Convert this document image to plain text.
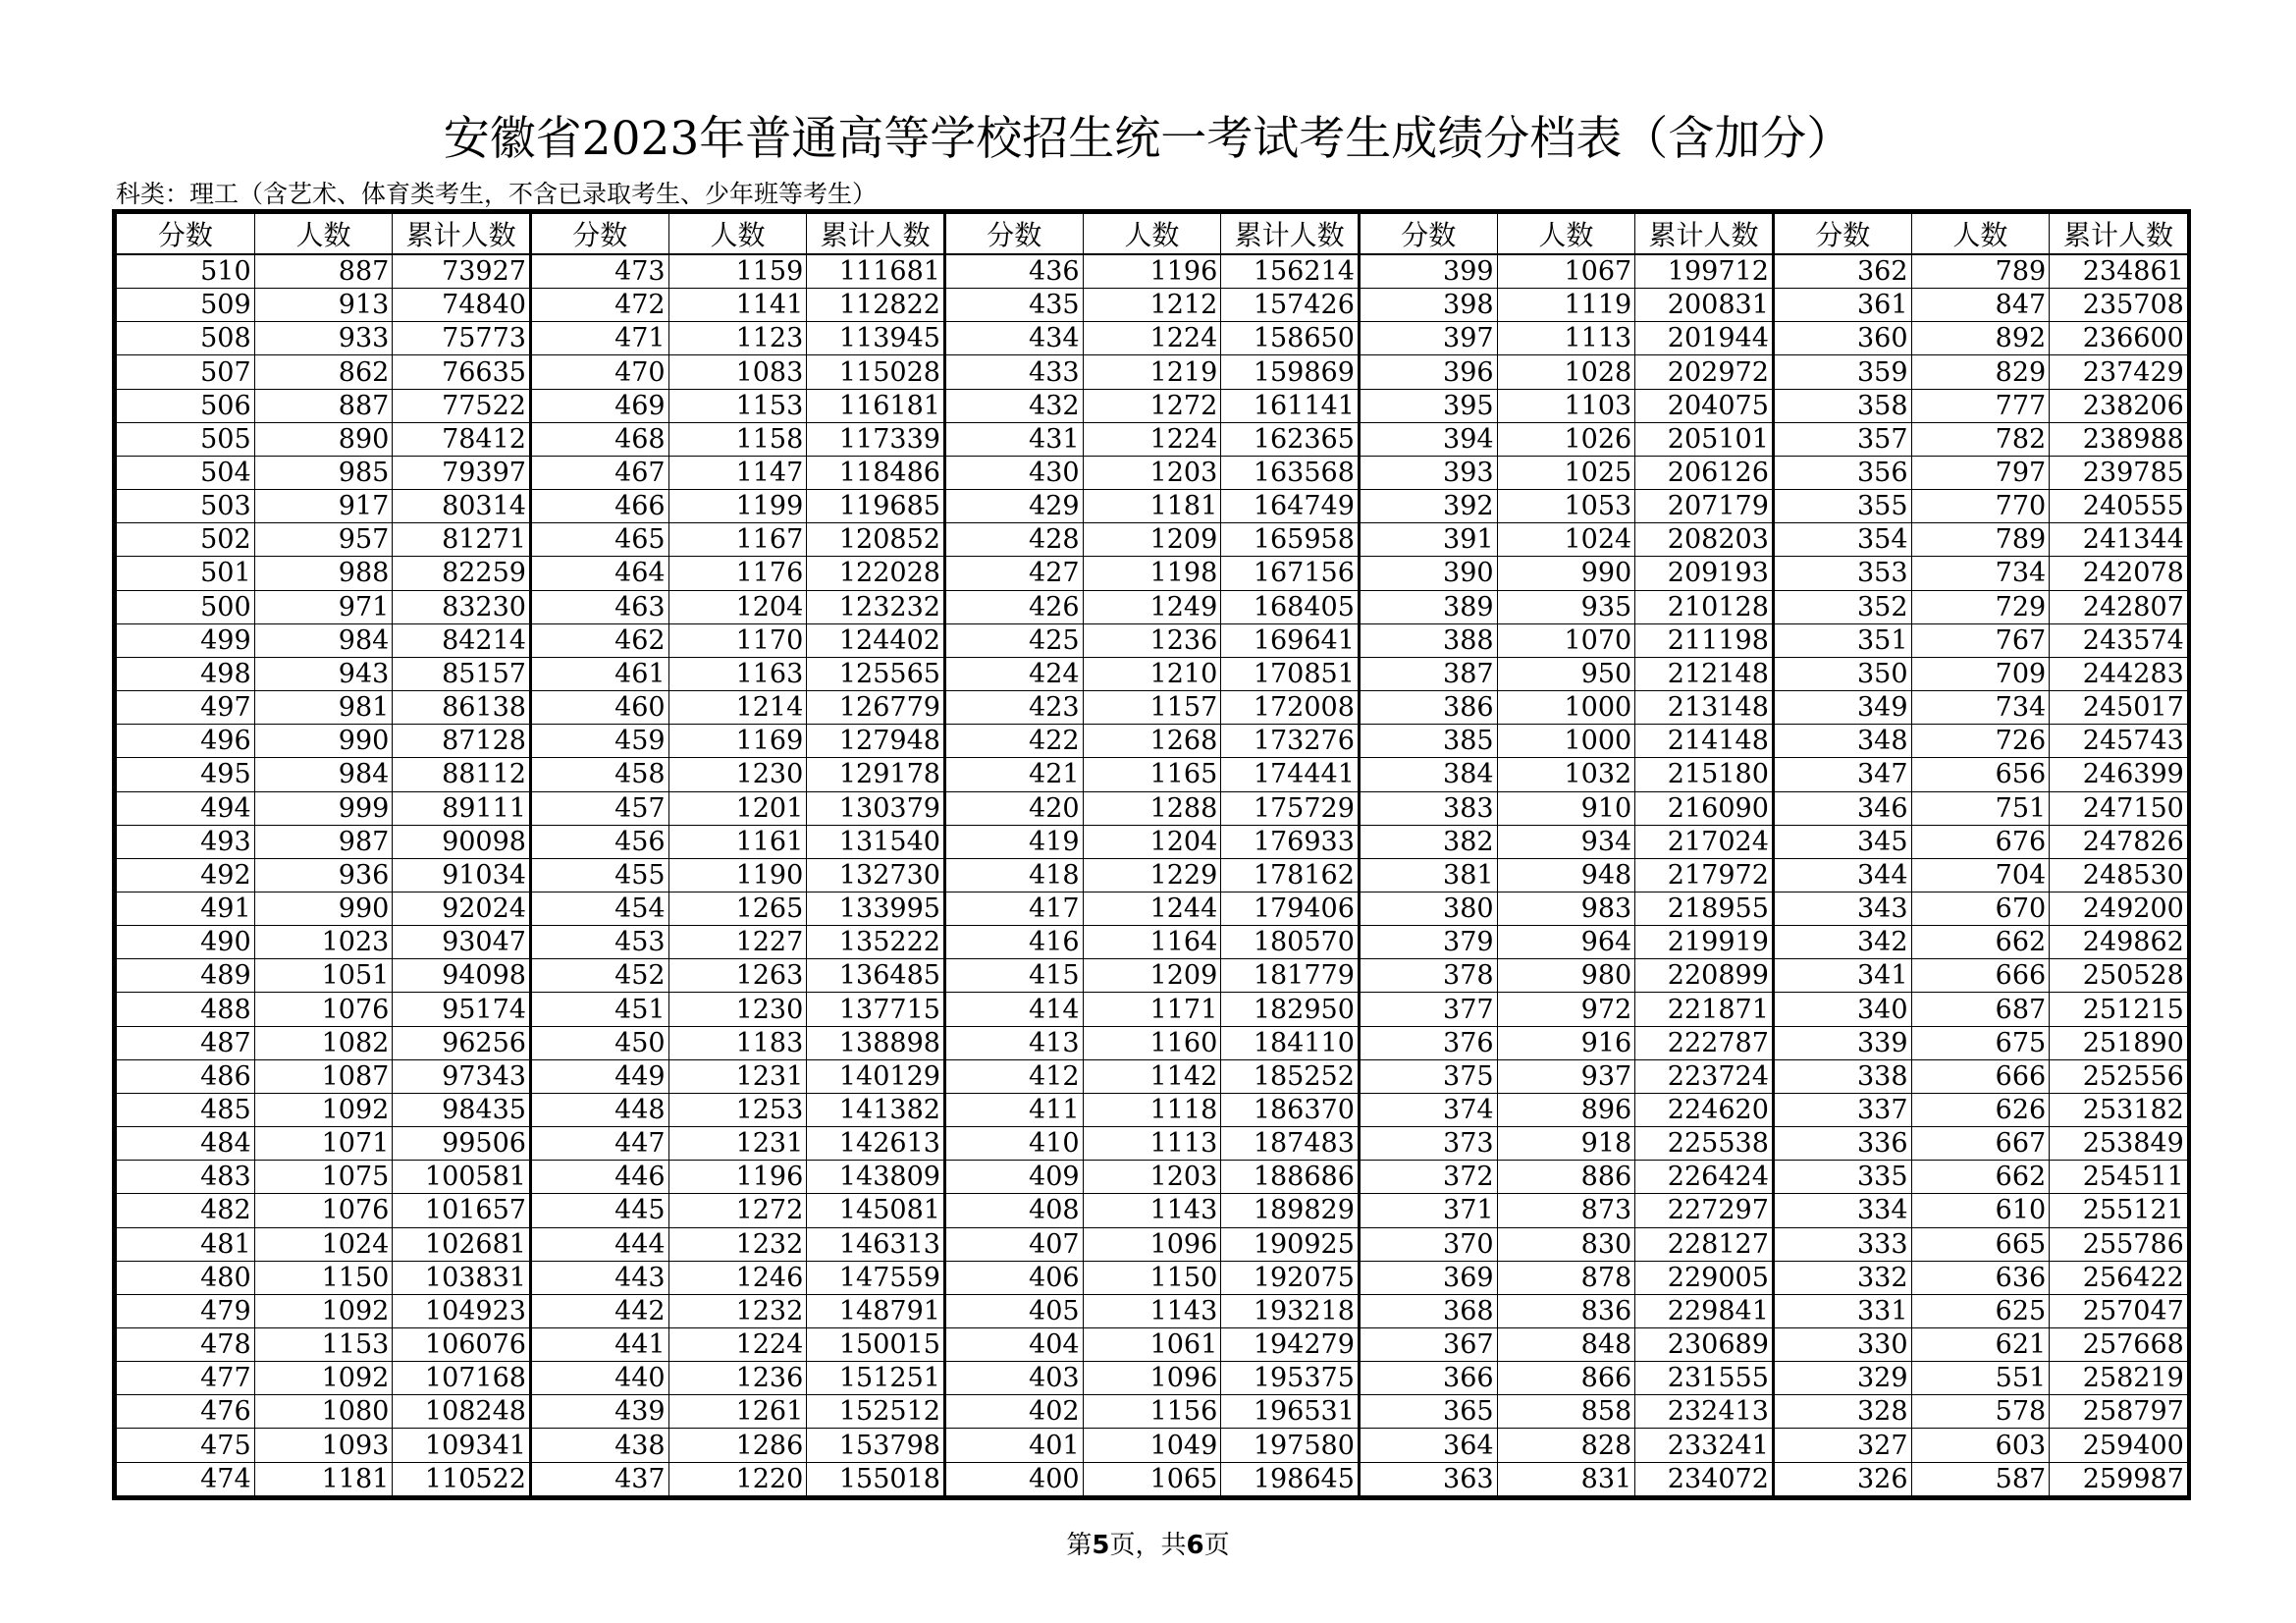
安徽省2023年普通高等学校招生统一考试考生成绩分档表（含加分）
科类：理工（含艺术、体育类考生，不含已录取考生、少年班等考生）
分数	人数	累计人数	分数	人数	累计人数	分数	人数	累计人数	分数	人数	累计人数	分数	人数	累计人数
510	887	73927	473	1159	111681	436	1196	156214	399	1067	199712	362	789	234861
509	913	74840	472	1141	112822	435	1212	157426	398	1119	200831	361	847	235708
508	933	75773	471	1123	113945	434	1224	158650	397	1113	201944	360	892	236600
507	862	76635	470	1083	115028	433	1219	159869	396	1028	202972	359	829	237429
506	887	77522	469	1153	116181	432	1272	161141	395	1103	204075	358	777	238206
505	890	78412	468	1158	117339	431	1224	162365	394	1026	205101	357	782	238988
504	985	79397	467	1147	118486	430	1203	163568	393	1025	206126	356	797	239785
503	917	80314	466	1199	119685	429	1181	164749	392	1053	207179	355	770	240555
502	957	81271	465	1167	120852	428	1209	165958	391	1024	208203	354	789	241344
501	988	82259	464	1176	122028	427	1198	167156	390	990	209193	353	734	242078
500	971	83230	463	1204	123232	426	1249	168405	389	935	210128	352	729	242807
499	984	84214	462	1170	124402	425	1236	169641	388	1070	211198	351	767	243574
498	943	85157	461	1163	125565	424	1210	170851	387	950	212148	350	709	244283
497	981	86138	460	1214	126779	423	1157	172008	386	1000	213148	349	734	245017
496	990	87128	459	1169	127948	422	1268	173276	385	1000	214148	348	726	245743
495	984	88112	458	1230	129178	421	1165	174441	384	1032	215180	347	656	246399
494	999	89111	457	1201	130379	420	1288	175729	383	910	216090	346	751	247150
493	987	90098	456	1161	131540	419	1204	176933	382	934	217024	345	676	247826
492	936	91034	455	1190	132730	418	1229	178162	381	948	217972	344	704	248530
491	990	92024	454	1265	133995	417	1244	179406	380	983	218955	343	670	249200
490	1023	93047	453	1227	135222	416	1164	180570	379	964	219919	342	662	249862
489	1051	94098	452	1263	136485	415	1209	181779	378	980	220899	341	666	250528
488	1076	95174	451	1230	137715	414	1171	182950	377	972	221871	340	687	251215
487	1082	96256	450	1183	138898	413	1160	184110	376	916	222787	339	675	251890
486	1087	97343	449	1231	140129	412	1142	185252	375	937	223724	338	666	252556
485	1092	98435	448	1253	141382	411	1118	186370	374	896	224620	337	626	253182
484	1071	99506	447	1231	142613	410	1113	187483	373	918	225538	336	667	253849
483	1075	100581	446	1196	143809	409	1203	188686	372	886	226424	335	662	254511
482	1076	101657	445	1272	145081	408	1143	189829	371	873	227297	334	610	255121
481	1024	102681	444	1232	146313	407	1096	190925	370	830	228127	333	665	255786
480	1150	103831	443	1246	147559	406	1150	192075	369	878	229005	332	636	256422
479	1092	104923	442	1232	148791	405	1143	193218	368	836	229841	331	625	257047
478	1153	106076	441	1224	150015	404	1061	194279	367	848	230689	330	621	257668
477	1092	107168	440	1236	151251	403	1096	195375	366	866	231555	329	551	258219
476	1080	108248	439	1261	152512	402	1156	196531	365	858	232413	328	578	258797
475	1093	109341	438	1286	153798	401	1049	197580	364	828	233241	327	603	259400
474	1181	110522	437	1220	155018	400	1065	198645	363	831	234072	326	587	259987
第5页，共6页
